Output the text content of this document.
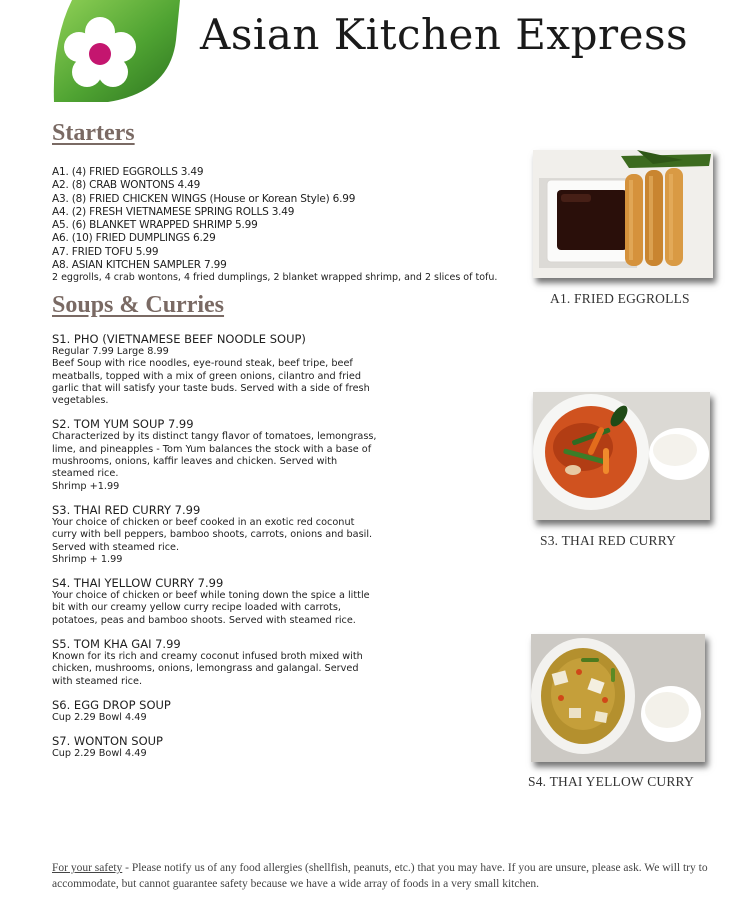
Asian Kitchen Express
Starters
A1. (4) FRIED EGGROLLS 3.49
A2. (8) CRAB WONTONS 4.49
A3. (8) FRIED CHICKEN WINGS (House or Korean Style) 6.99
A4. (2) FRESH VIETNAMESE SPRING ROLLS 3.49
A5. (6) BLANKET WRAPPED SHRIMP 5.99
A6. (10) FRIED DUMPLINGS 6.29
A7. FRIED TOFU 5.99
A8. ASIAN KITCHEN SAMPLER 7.99
2 eggrolls, 4 crab wontons, 4 fried dumplings, 2 blanket wrapped shrimp, and 2 slices of tofu.
Soups & Curries
S1. PHO (VIETNAMESE BEEF NOODLE SOUP)
Regular 7.99 Large 8.99
Beef Soup with rice noodles, eye-round steak, beef tripe, beef meatballs, topped with a mix of green onions, cilantro and fried garlic that will satisfy your taste buds. Served with a side of fresh vegetables.
S2. TOM YUM SOUP 7.99
Characterized by its distinct tangy flavor of tomatoes, lemongrass, lime, and pineapples - Tom Yum balances the stock with a base of mushrooms, onions, kaffir leaves and chicken. Served with steamed rice.
Shrimp +1.99
S3. THAI RED CURRY 7.99
Your choice of chicken or beef cooked in an exotic red coconut curry with bell peppers, bamboo shoots, carrots, onions and basil. Served with steamed rice.
Shrimp + 1.99
S4. THAI YELLOW CURRY 7.99
Your choice of chicken or beef while toning down the spice a little bit with our creamy yellow curry recipe loaded with carrots, potatoes, peas and bamboo shoots. Served with steamed rice.
S5. TOM KHA GAI 7.99
Known for its rich and creamy coconut infused broth mixed with chicken, mushrooms, onions, lemongrass and galangal. Served with steamed rice.
S6. EGG DROP SOUP
Cup 2.29 Bowl 4.49
S7. WONTON SOUP
Cup 2.29 Bowl 4.49
A1. FRIED EGGROLLS
S3. THAI RED CURRY
S4. THAI YELLOW CURRY
For your safety - Please notify us of any food allergies (shellfish, peanuts, etc.) that you may have. If you are unsure, please ask. We will try to accommodate, but cannot guarantee safety because we have a wide array of foods in a very small kitchen.
